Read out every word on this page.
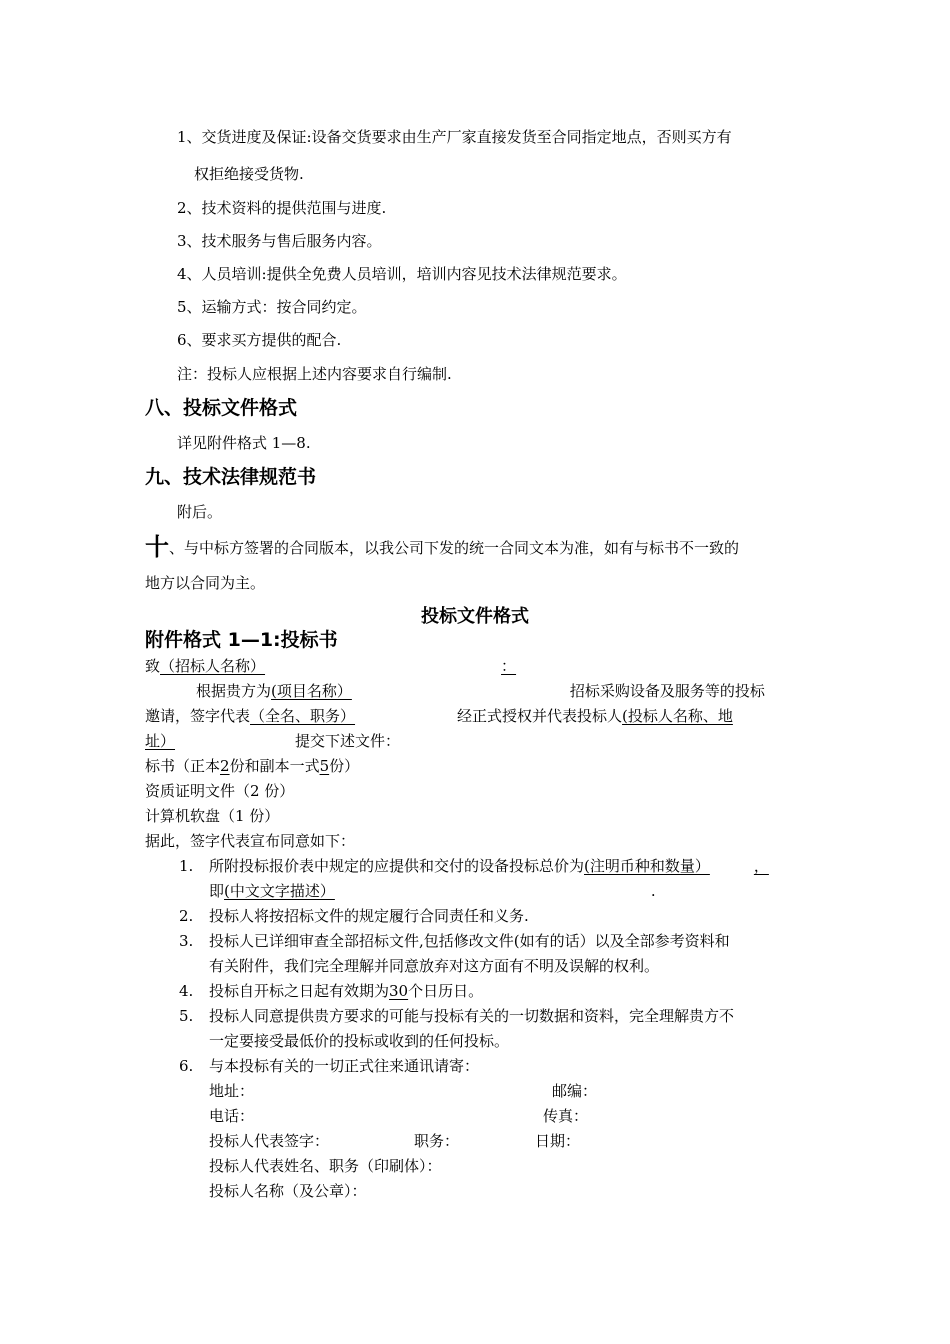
1、交货进度及保证:设备交货要求由生产厂家直接发货至合同指定地点，否则买方有
权拒绝接受货物.
2、技术资料的提供范围与进度.
3、技术服务与售后服务内容。
4、人员培训:提供全免费人员培训，培训内容见技术法律规范要求。
5、运输方式：按合同约定。
6、要求买方提供的配合.
注：投标人应根据上述内容要求自行编制.
八、投标文件格式
详见附件格式 1—8.
九、技术法律规范书
附后。
十、与中标方签署的合同版本，以我公司下发的统一合同文本为准，如有与标书不一致的
地方以合同为主。
投标文件格式
附件格式 1—1:投标书
致（招标人名称）	：
根据贵方为(项目名称）	招标采购设备及服务等的投标
邀请，签字代表（全名、职务）	经正式授权并代表投标人(投标人名称、地
址）	提交下述文件：
标书（正本2份和副本一式5份）
资质证明文件（2 份）
计算机软盘（1 份）
据此，签字代表宣布同意如下：
1. 所附投标报价表中规定的应提供和交付的设备投标总价为(注明币种和数量）	，
即(中文文字描述）	.
2. 投标人将按招标文件的规定履行合同责任和义务.
3. 投标人已详细审查全部招标文件,包括修改文件(如有的话）以及全部参考资料和
有关附件，我们完全理解并同意放弃对这方面有不明及误解的权利。
4. 投标自开标之日起有效期为30个日历日。
5. 投标人同意提供贵方要求的可能与投标有关的一切数据和资料，完全理解贵方不
一定要接受最低价的投标或收到的任何投标。
6. 与本投标有关的一切正式往来通讯请寄：
地址：	邮编：
电话：	传真：
投标人代表签字：	职务：	日期：
投标人代表姓名、职务（印刷体）：
投标人名称（及公章）：
